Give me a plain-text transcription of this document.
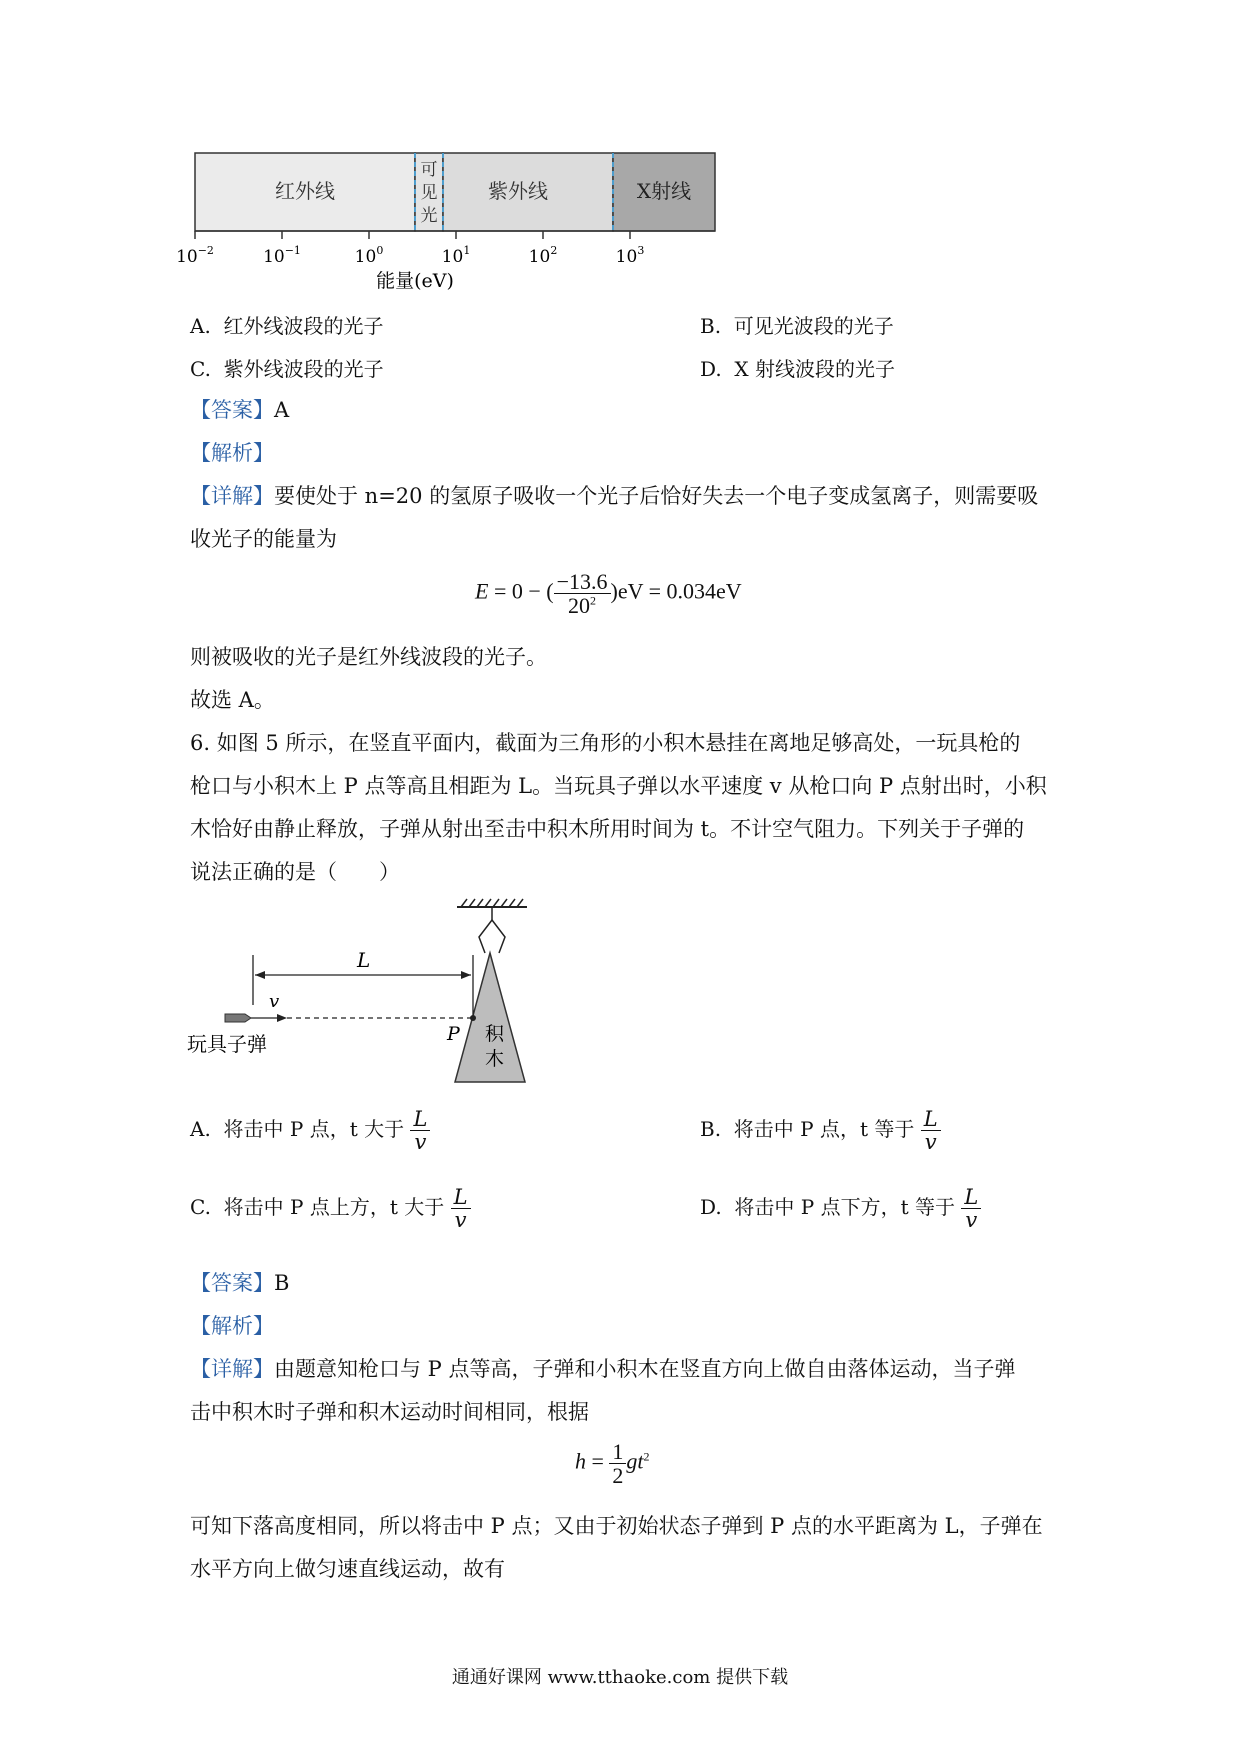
红外线
可
见
光
紫外线	X射线
$10^{-2}$	$10^{-1}$	$10^0$	$10^1$	$10^2$	$10^3$
能量(eV)
A. 红外线波段的光子	B. 可见光波段的光子
C. 紫外线波段的光子	D. X 射线波段的光子
【答案】A
【解析】
【详解】要使处于 n=20 的氢原子吸收一个光子后恰好失去一个电子变成氢离子，则需要吸
收光子的能量为
E = 0 − ( $\frac{-13.6}{20^2} )eV = 0.034eV$
则被吸收的光子是红外线波段的光子。
故选 A。
6. 如图 5 所示，在竖直平面内，截面为三角形的小积木悬挂在离地足够高处，一玩具枪的
枪口与小积木上 P 点等高且相距为 L。当玩具子弹以水平速度 v 从枪口向 P 点射出时，小积
木恰好由静止释放，子弹从射出至击中积木所用时间为 t。不计空气阻力。下列关于子弹的
说法正确的是（　　）
积
木
L
v
P
玩具子弹
A. 将击中 P 点，t 大于 $\frac{L}{v}$	B. 将击中 P 点，t 等于 $\frac{L}{v}$
C. 将击中 P 点上方，t 大于 $\frac{L}{v}$	D. 将击中 P 点下方，t 等于 $\frac{L}{v}$
【答案】B
【解析】
【详解】由题意知枪口与 P 点等高，子弹和小积木在竖直方向上做自由落体运动，当子弹
击中积木时子弹和积木运动时间相同，根据
$h = \frac{1}{2} gt^2$
可知下落高度相同，所以将击中 P 点；又由于初始状态子弹到 P 点的水平距离为 L，子弹在
水平方向上做匀速直线运动，故有
通通好课网 www.tthaoke.com 提供下载
